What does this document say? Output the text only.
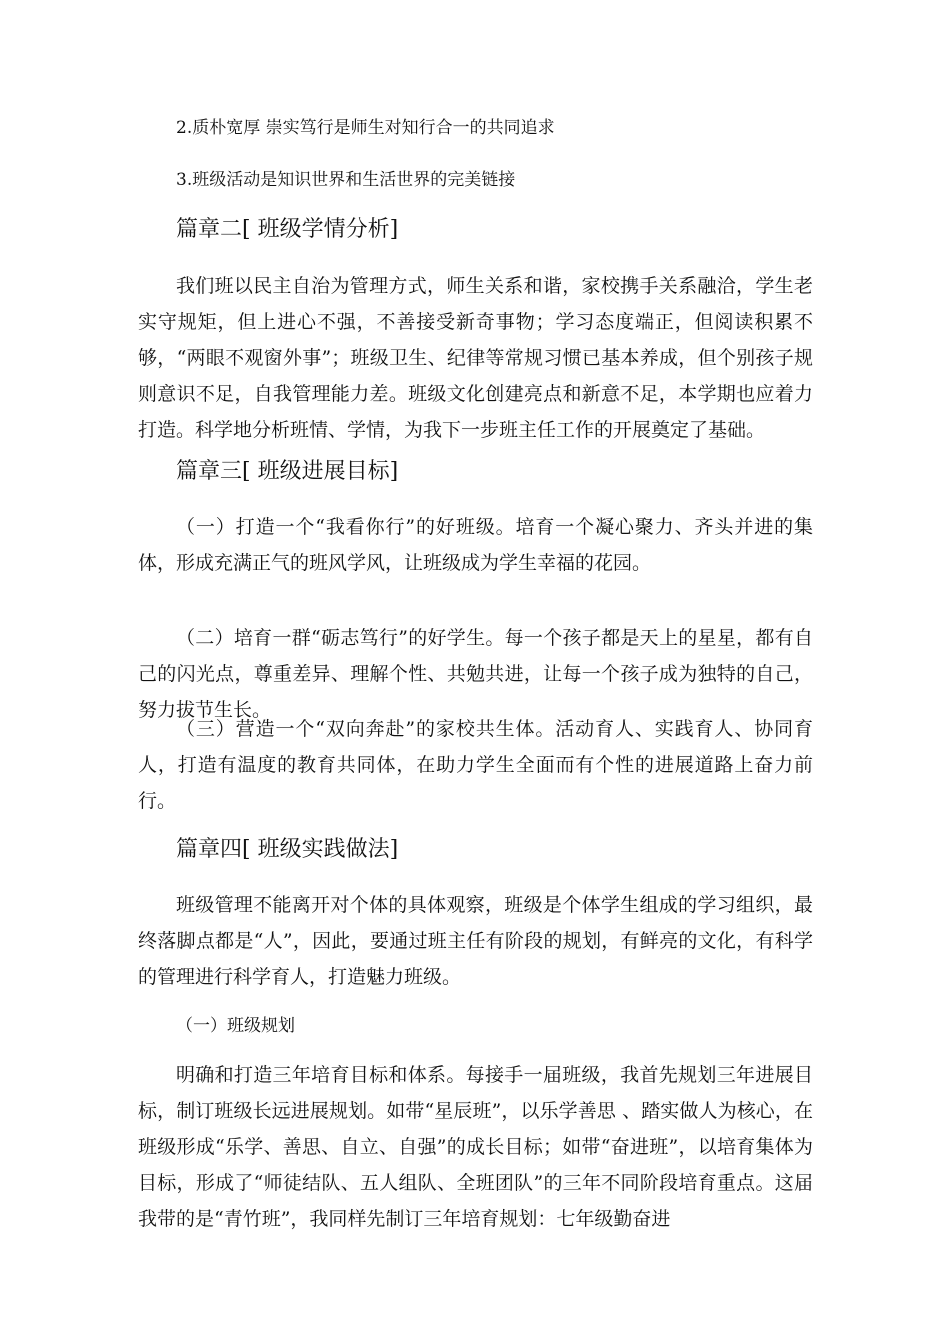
2.质朴宽厚 崇实笃行是师生对知行合一的共同追求
3.班级活动是知识世界和生活世界的完美链接
篇章二[ 班级学情分析]

我们班以民主自治为管理方式，师生关系和谐，家校携手关系融洽，学生老实守规矩，但上进心不强，不善接受新奇事物；学习态度端正，但阅读积累不够，“两眼不观窗外事”；班级卫生、纪律等常规习惯已基本养成，但个别孩子规则意识不足，自我管理能力差。班级文化创建亮点和新意不足，本学期也应着力打造。科学地分析班情、学情，为我下一步班主任工作的开展奠定了基础。

篇章三[ 班级进展目标]

（一）打造一个“我看你行”的好班级。培育一个凝心聚力、齐头并进的集体，形成充满正气的班风学风，让班级成为学生幸福的花园。

（二）培育一群“砺志笃行”的好学生。每一个孩子都是天上的星星，都有自己的闪光点，尊重差异、理解个性、共勉共进，让每一个孩子成为独特的自己，努力拔节生长。

（三）营造一个“双向奔赴”的家校共生体。活动育人、实践育人、协同育人，打造有温度的教育共同体，在助力学生全面而有个性的进展道路上奋力前行。

篇章四[ 班级实践做法]

班级管理不能离开对个体的具体观察，班级是个体学生组成的学习组织，最终落脚点都是“人”，因此，要通过班主任有阶段的规划，有鲜亮的文化，有科学的管理进行科学育人，打造魅力班级。

（一）班级规划

明确和打造三年培育目标和体系。每接手一届班级，我首先规划三年进展目标，制订班级长远进展规划。如带“星辰班”，以乐学善思 、踏实做人为核心，在班级形成“乐学、善思、自立、自强”的成长目标；如带“奋进班”，以培育集体为目标，形成了“师徒结队、五人组队、全班团队”的三年不同阶段培育重点。这届我带的是“青竹班”，我同样先制订三年培育规划：七年级勤奋进
